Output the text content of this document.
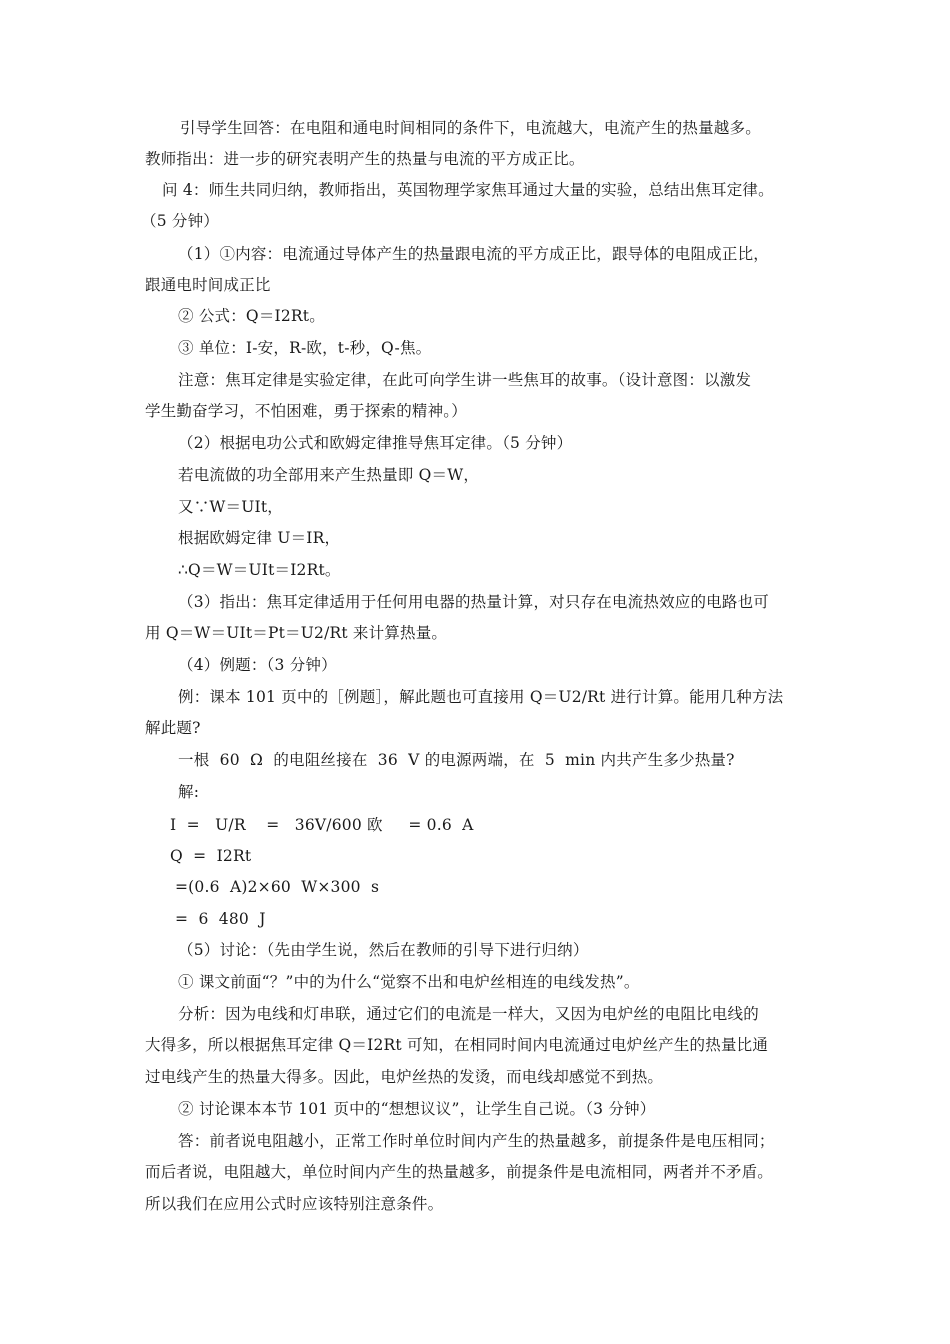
引导学生回答：在电阻和通电时间相同的条件下，电流越大，电流产生的热量越多。
教师指出：进一步的研究表明产生的热量与电流的平方成正比。
问 4：师生共同归纳，教师指出，英国物理学家焦耳通过大量的实验，总结出焦耳定律。
（5 分钟）
（1）①内容：电流通过导体产生的热量跟电流的平方成正比，跟导体的电阻成正比，
跟通电时间成正比
② 公式：Q＝I2Rt。
③ 单位：I-安，R-欧，t-秒，Q-焦。
注意：焦耳定律是实验定律，在此可向学生讲一些焦耳的故事。（设计意图：以激发
学生勤奋学习，不怕困难，勇于探索的精神。）
（2）根据电功公式和欧姆定律推导焦耳定律。（5 分钟）
若电流做的功全部用来产生热量即 Q＝W，
又∵W＝UIt，
根据欧姆定律 U＝IR，
∴Q＝W＝UIt＝I2Rt。
（3）指出：焦耳定律适用于任何用电器的热量计算，对只存在电流热效应的电路也可
用 Q＝W＝UIt＝Pt＝U2/Rt 来计算热量。
（4）例题：（3 分钟）
例：课本 101 页中的［例题］，解此题也可直接用 Q＝U2/Rt 进行计算。能用几种方法
解此题?
一根  60  Ω  的电阻丝接在  36  V 的电源两端，在  5  min 内共产生多少热量?
解:
I  =   U/R    =   36V/600 欧     = 0.6  A
Q  =  I2Rt
=(0.6  A)2×60  W×300  s
=  6  480  J
（5）讨论：（先由学生说，然后在教师的引导下进行归纳）
① 课文前面“？”中的为什么“觉察不出和电炉丝相连的电线发热”。
分析：因为电线和灯串联，通过它们的电流是一样大，又因为电炉丝的电阻比电线的
大得多，所以根据焦耳定律 Q＝I2Rt 可知，在相同时间内电流通过电炉丝产生的热量比通
过电线产生的热量大得多。因此，电炉丝热的发烫，而电线却感觉不到热。
② 讨论课本本节 101 页中的“想想议议”，让学生自己说。（3 分钟）
答：前者说电阻越小，正常工作时单位时间内产生的热量越多，前提条件是电压相同；
而后者说，电阻越大，单位时间内产生的热量越多，前提条件是电流相同，两者并不矛盾。
所以我们在应用公式时应该特别注意条件。
